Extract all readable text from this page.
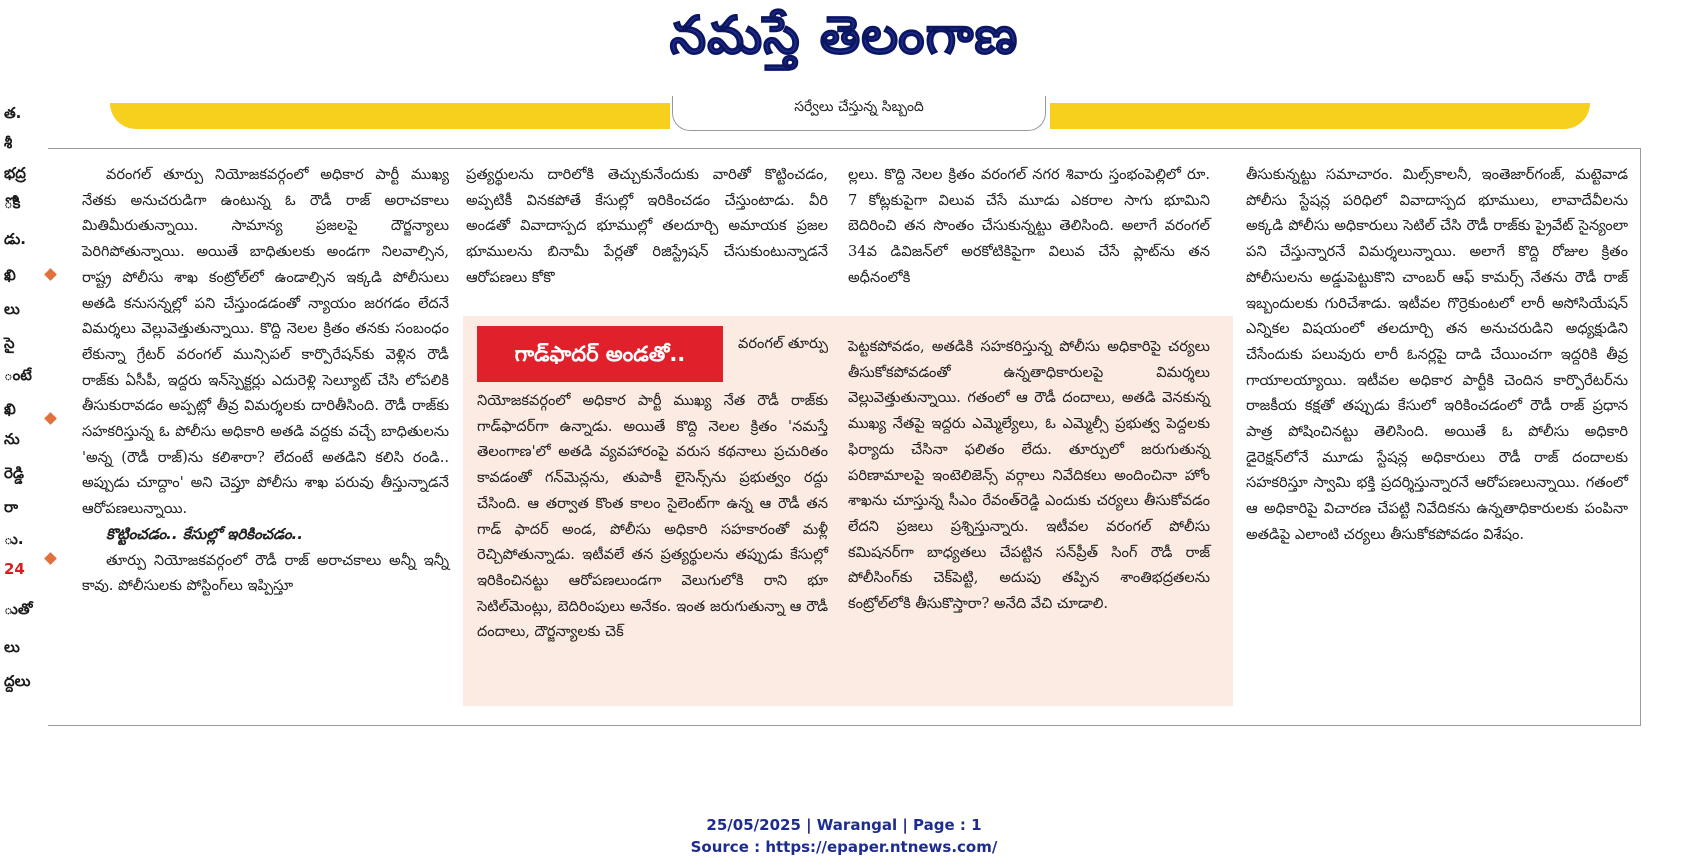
నమస్తే తెలంగాణ
సర్వేలు చేస్తున్న సిబ్బంది
త.
శీ
భద్ర
ోకి
డు.
ఖి
లు
సై
ంటే
ఖి
ను
రెడ్డి
రా
ు.
24
ుతో
లు
ద్దలు
గాడ్‌ఫాదర్ అండతో..

వరంగల్ తూర్పు నియోజకవర్గంలో అధికార పార్టీ ముఖ్య నేతకు అనుచరుడిగా ఉంటున్న ఓ రౌడీ రాజ్ అరాచకాలు మితిమీరుతున్నాయి. సామాన్య ప్రజలపై దౌర్జన్యాలు పెరిగిపోతున్నాయి. అయితే బాధితులకు అండగా నిలవాల్సిన, రాష్ట్ర పోలీసు శాఖ కంట్రోల్‌లో ఉండాల్సిన ఇక్కడి పోలీసులు అతడి కనుసన్నల్లో పని చేస్తుండడంతో న్యాయం జరగడం లేదనే విమర్శలు వెల్లువెత్తుతున్నాయి. కొద్ది నెలల క్రితం తనకు సంబంధం లేకున్నా గ్రేటర్ వరంగల్ మున్సిపల్ కార్పొరేషన్‌కు వెళ్లిన రౌడీ రాజ్‌కు ఏసీపీ, ఇద్దరు ఇన్‌స్పెక్టర్లు ఎదురెళ్లి సెల్యూట్ చేసి లోపలికి తీసుకురావడం అప్పట్లో తీవ్ర విమర్శలకు దారితీసింది. రౌడీ రాజ్‌కు సహకరిస్తున్న ఓ పోలీసు అధికారి అతడి వద్దకు వచ్చే బాధితులను 'అన్న (రౌడీ రాజ్)ను కలిశారా? లేదంటే అతడిని కలిసి రండి.. అప్పుడు చూద్దాం' అని చెప్తూ పోలీసు శాఖ పరువు తీస్తున్నాడనే ఆరోపణలున్నాయి.

కొట్టించడం.. కేసుల్లో ఇరికించడం..

తూర్పు నియోజకవర్గంలో రౌడీ రాజ్ అరాచకాలు అన్నీ ఇన్నీ కావు. పోలీసులకు పోస్టింగ్‌లు ఇప్పిస్తూ

ప్రత్యర్థులను దారిలోకి తెచ్చుకునేందుకు వారితో కొట్టించడం, అప్పటికీ వినకపోతే కేసుల్లో ఇరికించడం చేస్తుంటాడు. వీరి అండతో వివాదాస్పద భూముల్లో తలదూర్చి అమాయక ప్రజల భూములను బినామీ పేర్లతో రిజిస్ట్రేషన్ చేసుకుంటున్నాడనే ఆరోపణలు కోకొ

ల్లలు. కొద్ది నెలల క్రితం వరంగల్ నగర శివారు స్తంభంపెల్లిలో రూ. 7 కోట్లకుపైగా విలువ చేసే మూడు ఎకరాల సాగు భూమిని బెదిరించి తన సొంతం చేసుకున్నట్టు తెలిసింది. అలాగే వరంగల్ 34వ డివిజన్‌లో అరకోటికిపైగా విలువ చేసే ప్లాట్‌ను తన అధీనంలోకి

వరంగల్ తూర్పు

నియోజకవర్గంలో అధికార పార్టీ ముఖ్య నేత రౌడీ రాజ్‌కు గాడ్‌ఫాదర్‌గా ఉన్నాడు. అయితే కొద్ది నెలల క్రితం 'నమస్తే తెలంగాణ'లో అతడి వ్యవహారంపై వరుస కథనాలు ప్రచురితం కావడంతో గన్‌మెన్లను, తుపాకీ లైసెన్స్‌ను ప్రభుత్వం రద్దు చేసింది. ఆ తర్వాత కొంత కాలం సైలెంట్‌గా ఉన్న ఆ రౌడీ తన గాడ్ ఫాదర్ అండ, పోలీసు అధికారి సహకారంతో మళ్లీ రెచ్చిపోతున్నాడు. ఇటీవలే తన ప్రత్యర్థులను తప్పుడు కేసుల్లో ఇరికించినట్టు ఆరోపణలుండగా వెలుగులోకి రాని భూ సెటిల్‌మెంట్లు, బెదిరింపులు అనేకం. ఇంత జరుగుతున్నా ఆ రౌడీ దందాలు, దౌర్జన్యాలకు చెక్

పెట్టకపోవడం, అతడికి సహకరిస్తున్న పోలీసు అధికారిపై చర్యలు తీసుకోకపోవడంతో ఉన్నతాధికారులపై విమర్శలు వెల్లువెత్తుతున్నాయి. గతంలో ఆ రౌడీ దందాలు, అతడి వెనకున్న ముఖ్య నేతపై ఇద్దరు ఎమ్మెల్యేలు, ఓ ఎమ్మెల్సీ ప్రభుత్వ పెద్దలకు ఫిర్యాదు చేసినా ఫలితం లేదు. తూర్పులో జరుగుతున్న పరిణామాలపై ఇంటెలిజెన్స్ వర్గాలు నివేదికలు అందించినా హోం శాఖను చూస్తున్న సీఎం రేవంత్‌రెడ్డి ఎందుకు చర్యలు తీసుకోవడం లేదని ప్రజలు ప్రశ్నిస్తున్నారు. ఇటీవల వరంగల్ పోలీసు కమిషనర్‌గా బాధ్యతలు చేపట్టిన సన్‌ప్రీత్ సింగ్ రౌడీ రాజ్ పోలీసింగ్‌కు చెక్‌పెట్టి, అదుపు తప్పిన శాంతిభద్రతలను కంట్రోల్‌లోకి తీసుకొస్తారా? అనేది వేచి చూడాలి.

తీసుకున్నట్టు సమాచారం. మిల్స్‌కాలనీ, ఇంతెజార్‌గంజ్, మట్టెవాడ పోలీసు స్టేషన్ల పరిధిలో వివాదాస్పద భూములు, లావాదేవీలను అక్కడి పోలీసు అధికారులు సెటిల్ చేసి రౌడీ రాజ్‌కు ప్రైవేట్ సైన్యంలా పని చేస్తున్నారనే విమర్శలున్నాయి. అలాగే కొద్ది రోజుల క్రితం పోలీసులను అడ్డుపెట్టుకొని చాంబర్ ఆఫ్ కామర్స్ నేతను రౌడీ రాజ్ ఇబ్బందులకు గురిచేశాడు. ఇటీవల గొర్రెకుంటలో లారీ అసోసియేషన్ ఎన్నికల విషయంలో తలదూర్చి తన అనుచరుడిని అధ్యక్షుడిని చేసేందుకు పలువురు లారీ ఓనర్లపై దాడి చేయించగా ఇద్దరికి తీవ్ర గాయాలయ్యాయి. ఇటీవల అధికార పార్టీకి చెందిన కార్పొరేటర్‌ను రాజకీయ కక్షతో తప్పుడు కేసులో ఇరికించడంలో రౌడీ రాజ్ ప్రధాన పాత్ర పోషించినట్టు తెలిసింది. అయితే ఓ పోలీసు అధికారి డైరెక్షన్‌లోనే మూడు స్టేషన్ల అధికారులు రౌడీ రాజ్ దందాలకు సహకరిస్తూ స్వామి భక్తి ప్రదర్శిస్తున్నారనే ఆరోపణలున్నాయి. గతంలో ఆ అధికారిపై విచారణ చేపట్టి నివేదికను ఉన్నతాధికారులకు పంపినా అతడిపై ఎలాంటి చర్యలు తీసుకోకపోవడం విశేషం.

25/05/2025 | Warangal | Page : 1
Source : https://epaper.ntnews.com/
